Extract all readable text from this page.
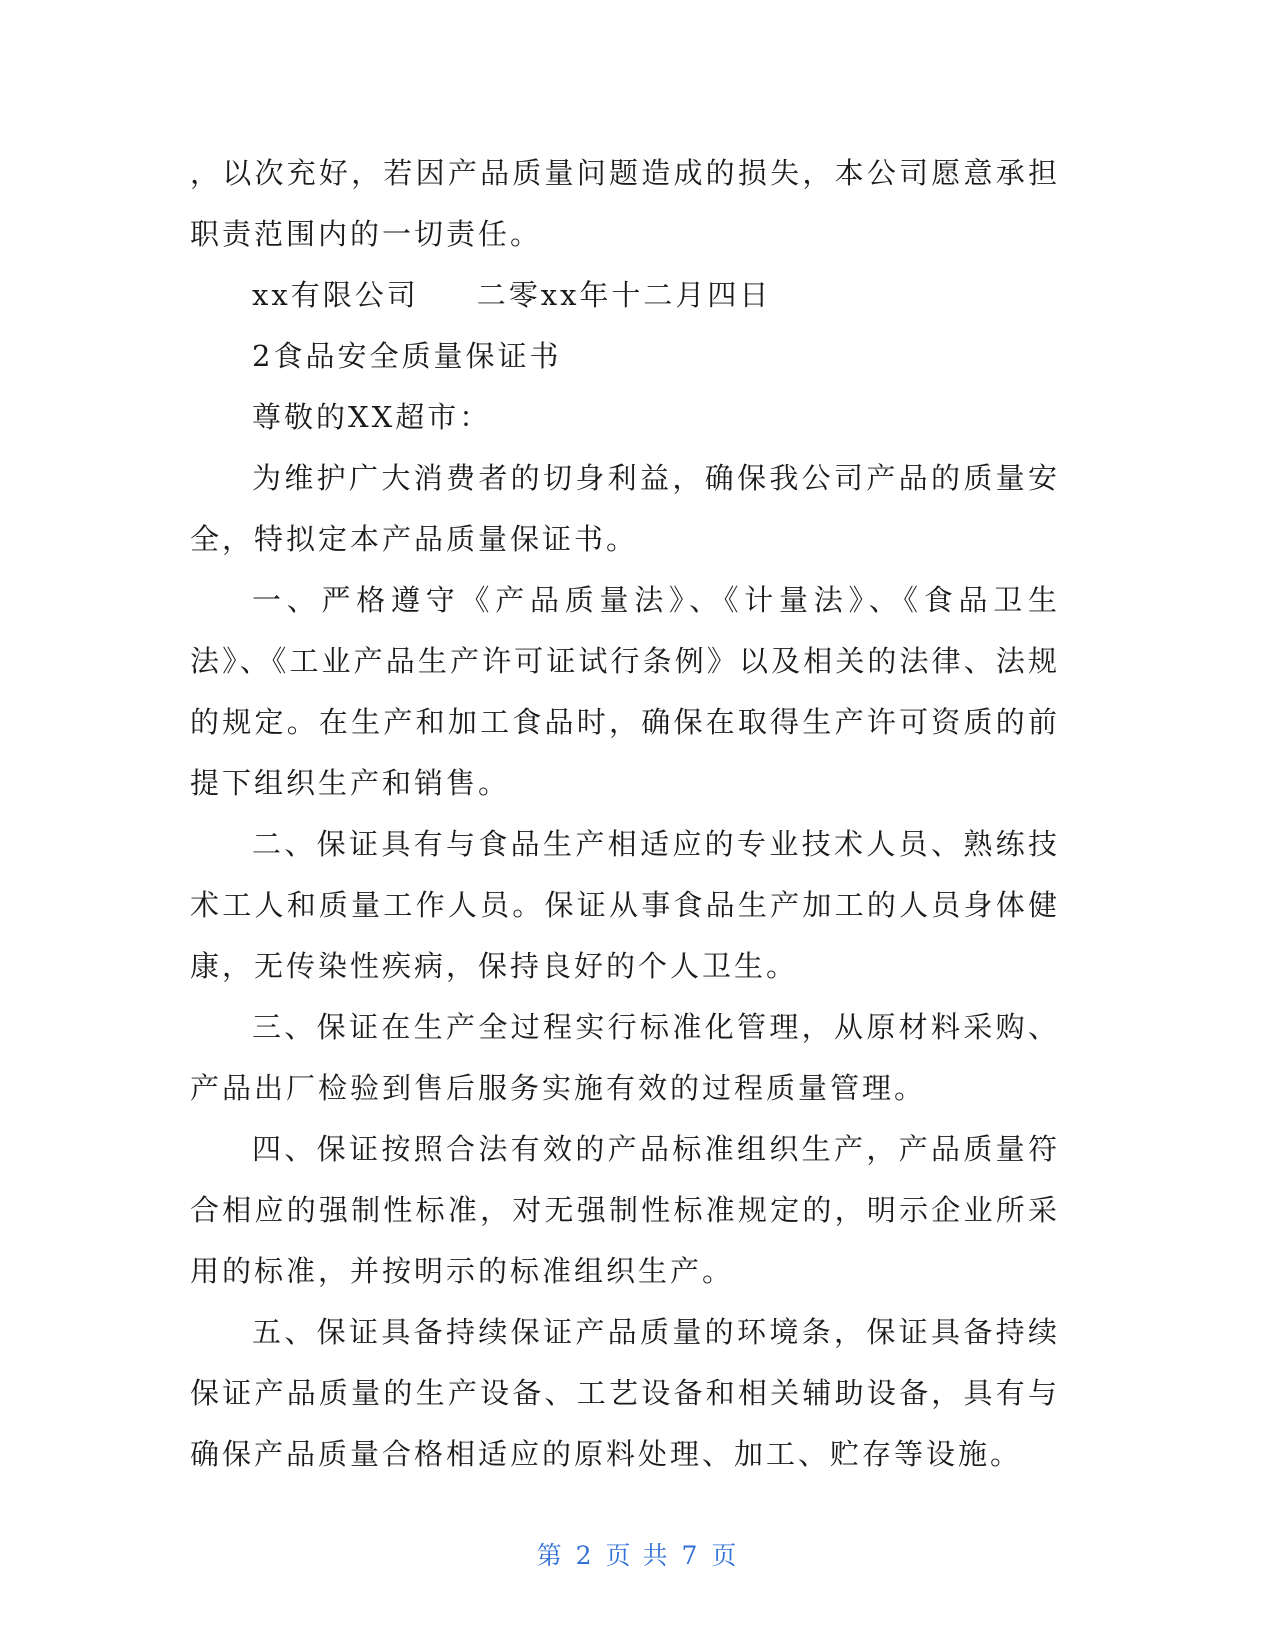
，以次充好，若因产品质量问题造成的损失，本公司愿意承担职责范围内的一切责任。

xx有限公司 二零xx年十二月四日

2食品安全质量保证书

尊敬的XX超市：

为维护广大消费者的切身利益，确保我公司产品的质量安全，特拟定本产品质量保证书。

一、严格遵守《产品质量法》、《计量法》、《食品卫生法》、《工业产品生产许可证试行条例》以及相关的法律、法规的规定。在生产和加工食品时，确保在取得生产许可资质的前提下组织生产和销售。

二、保证具有与食品生产相适应的专业技术人员、熟练技术工人和质量工作人员。保证从事食品生产加工的人员身体健康，无传染性疾病，保持良好的个人卫生。

三、保证在生产全过程实行标准化管理，从原材料采购、产品出厂检验到售后服务实施有效的过程质量管理。

四、保证按照合法有效的产品标准组织生产，产品质量符合相应的强制性标准，对无强制性标准规定的，明示企业所采用的标准，并按明示的标准组织生产。

五、保证具备持续保证产品质量的环境条，保证具备持续保证产品质量的生产设备、工艺设备和相关辅助设备，具有与确保产品质量合格相适应的原料处理、加工、贮存等设施。

第 2 页 共 7 页
